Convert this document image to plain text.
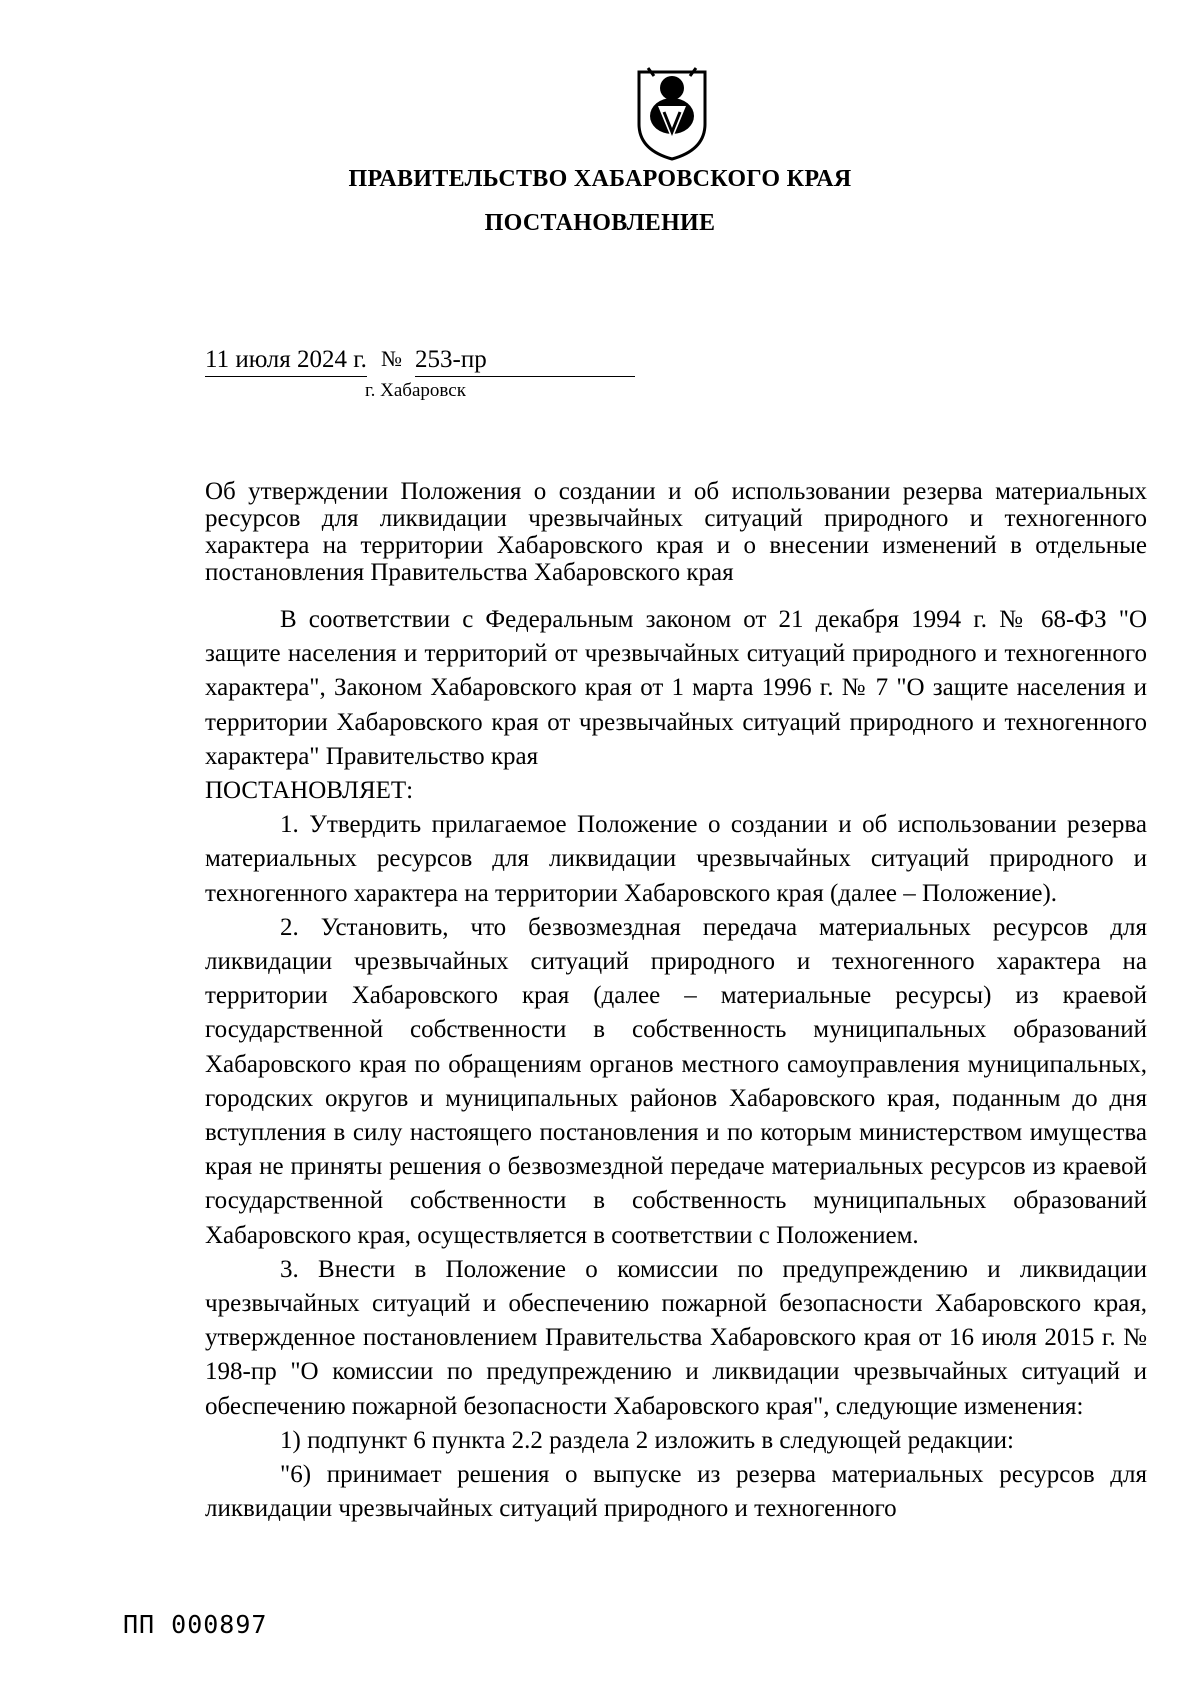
ПРАВИТЕЛЬСТВО ХАБАРОВСКОГО КРАЯ
ПОСТАНОВЛЕНИЕ
11 июля 2024 г. № 253-пр
г. Хабаровск
Об утверждении Положения о создании и об использовании резерва материальных ресурсов для ликвидации чрезвычайных ситуаций природного и техногенного характера на территории Хабаровского края и о внесении изменений в отдельные постановления Правительства Хабаровского края

В соответствии с Федеральным законом от 21 декабря 1994 г. № 68-ФЗ "О защите населения и территорий от чрезвычайных ситуаций природного и техногенного характера", Законом Хабаровского края от 1 марта 1996 г. № 7 "О защите населения и территории Хабаровского края от чрезвычайных ситуаций природного и техногенного характера" Правительство края

ПОСТАНОВЛЯЕТ:

1. Утвердить прилагаемое Положение о создании и об использовании резерва материальных ресурсов для ликвидации чрезвычайных ситуаций природного и техногенного характера на территории Хабаровского края (далее – Положение).

2. Установить, что безвозмездная передача материальных ресурсов для ликвидации чрезвычайных ситуаций природного и техногенного характера на территории Хабаровского края (далее – материальные ресурсы) из краевой государственной собственности в собственность муниципальных образований Хабаровского края по обращениям органов местного самоуправления муниципальных, городских округов и муниципальных районов Хабаровского края, поданным до дня вступления в силу настоящего постановления и по которым министерством имущества края не приняты решения о безвозмездной передаче материальных ресурсов из краевой государственной собственности в собственность муниципальных образований Хабаровского края, осуществляется в соответствии с Положением.

3. Внести в Положение о комиссии по предупреждению и ликвидации чрезвычайных ситуаций и обеспечению пожарной безопасности Хабаровского края, утвержденное постановлением Правительства Хабаровского края от 16 июля 2015 г. № 198-пр "О комиссии по предупреждению и ликвидации чрезвычайных ситуаций и обеспечению пожарной безопасности Хабаровского края", следующие изменения:

1) подпункт 6 пункта 2.2 раздела 2 изложить в следующей редакции:

"6) принимает решения о выпуске из резерва материальных ресурсов для ликвидации чрезвычайных ситуаций природного и техногенного

ПП 000897
